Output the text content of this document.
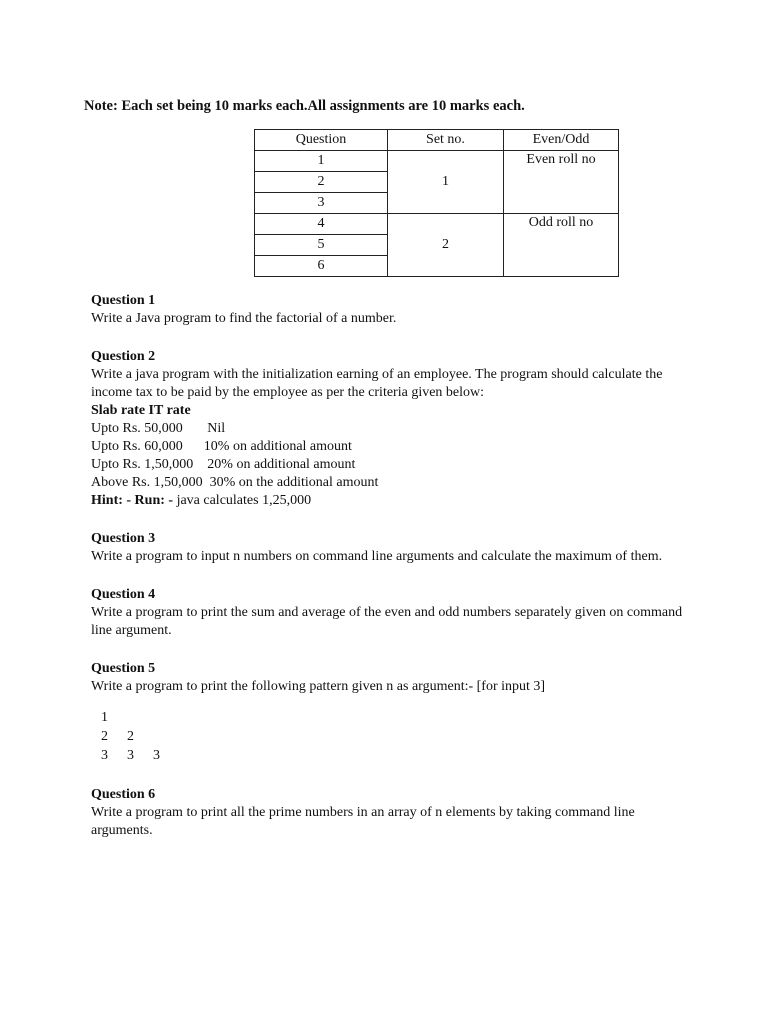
Note: Each set being 10 marks each.All assignments are 10 marks each.
Question	Set no.	Even/Odd
1	1	Even roll no
2		
3		
4	2	Odd roll no
5		
6		

Question 1

Write a Java program to find the factorial of a number.

Question 2

Write a java program with the initialization earning of an employee. The program should calculate the income tax to be paid by the employee as per the criteria given below:

Slab rate IT rate

Upto Rs. 50,000       Nil

Upto Rs. 60,000      10% on additional amount

Upto Rs. 1,50,000    20% on additional amount

Above Rs. 1,50,000  30% on the additional amount

Hint: - Run: - java calculates 1,25,000

Question 3

Write a program to input n numbers on command line arguments and calculate the maximum of them.

Question 4

Write a program to print the sum and average of the even and odd numbers separately given on command line argument.

Question 5

Write a program to print the following pattern given n as argument:- [for input 3]

1
2	2
3	3	3

Question 6

Write a program to print all the prime numbers in an array of n elements by taking command line arguments.
